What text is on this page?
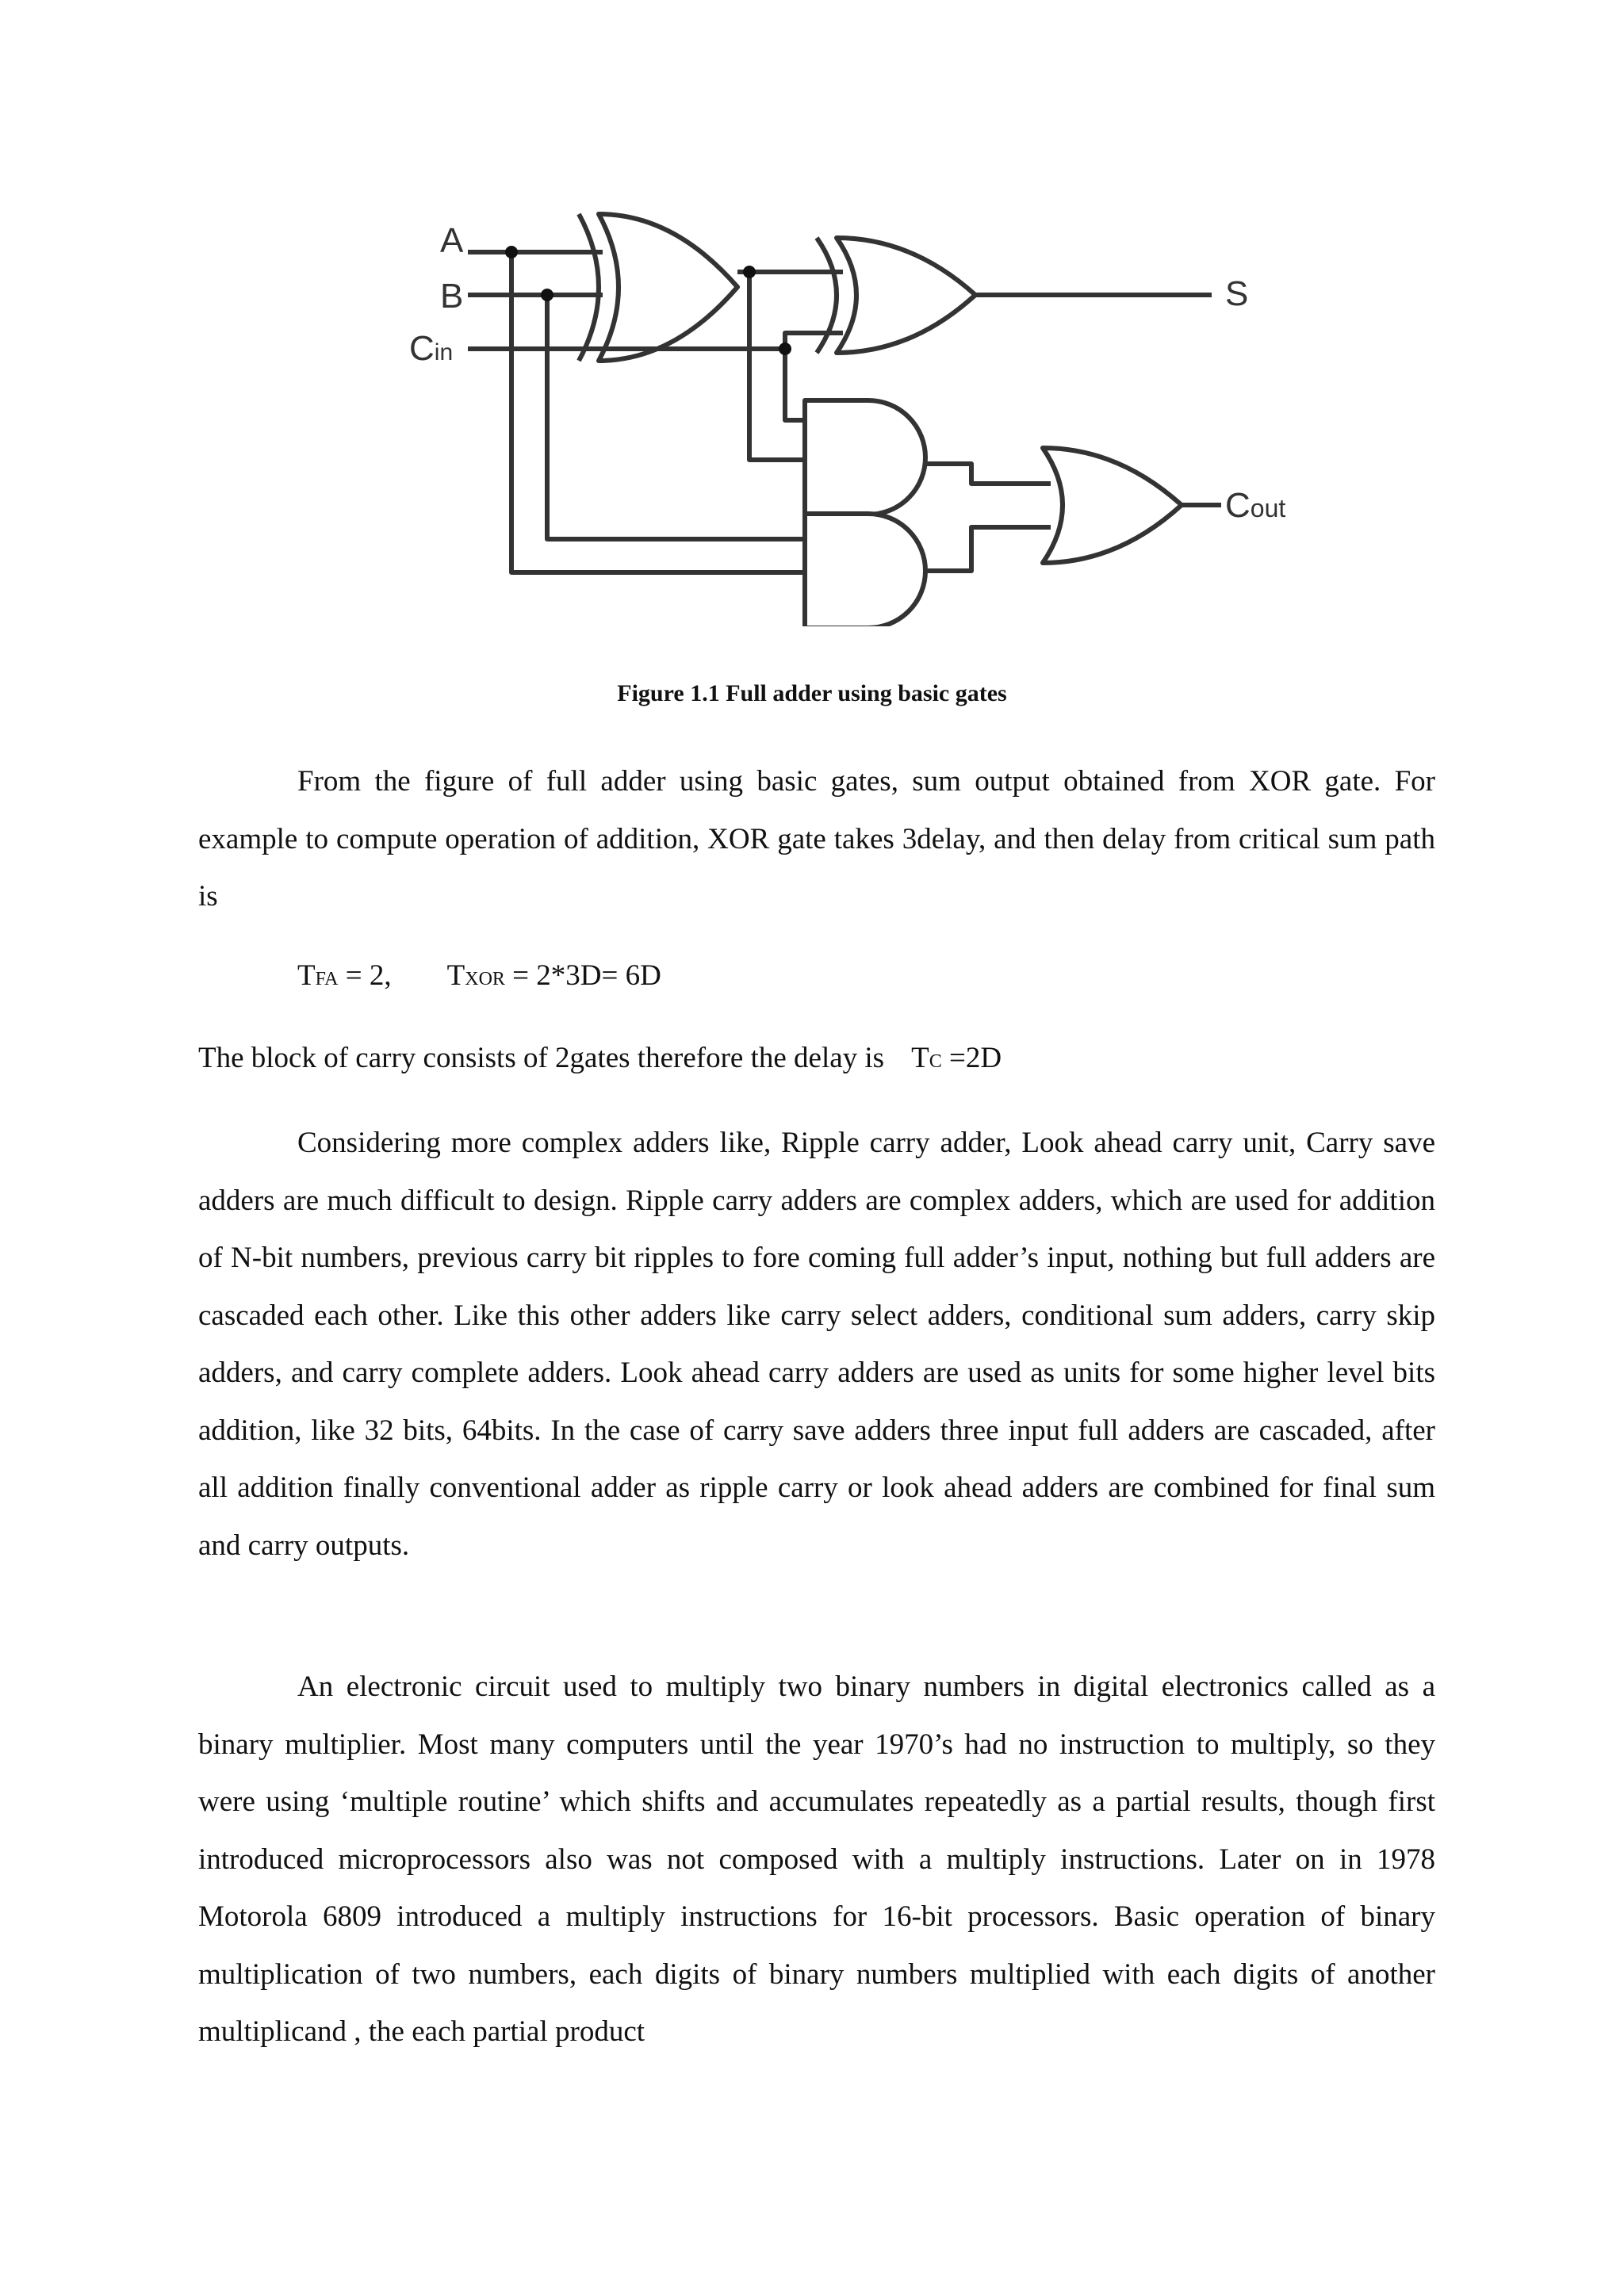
A
B
Cin
S
Cout
Figure 1.1 Full adder using basic gates

From the figure of full adder using basic gates, sum output obtained from XOR gate. For example to compute operation of addition, XOR gate takes 3delay, and then delay from critical sum path is

TFA = 2, TXOR = 2*3D= 6D
The block of carry consists of 2gates therefore the delay is TC =2D

Considering more complex adders like, Ripple carry adder, Look ahead carry unit, Carry save adders are much difficult to design. Ripple carry adders are complex adders, which are used for addition of N-bit numbers, previous carry bit ripples to fore coming full adder’s input, nothing but full adders are cascaded each other. Like this other adders like carry select adders, conditional sum adders, carry skip adders, and carry complete adders. Look ahead carry adders are used as units for some higher level bits addition, like 32 bits, 64bits. In the case of carry save adders three input full adders are cascaded, after all addition finally conventional adder as ripple carry or look ahead adders are combined for final sum and carry outputs.

An electronic circuit used to multiply two binary numbers in digital electronics called as a binary multiplier. Most many computers until the year 1970’s had no instruction to multiply, so they were using ‘multiple routine’ which shifts and accumulates repeatedly as a partial results, though first introduced microprocessors also was not composed with a multiply instructions. Later on in 1978 Motorola 6809 introduced a multiply instructions for 16-bit processors. Basic operation of binary multiplication of two numbers, each digits of binary numbers multiplied with each digits of another multiplicand , the each partial product
